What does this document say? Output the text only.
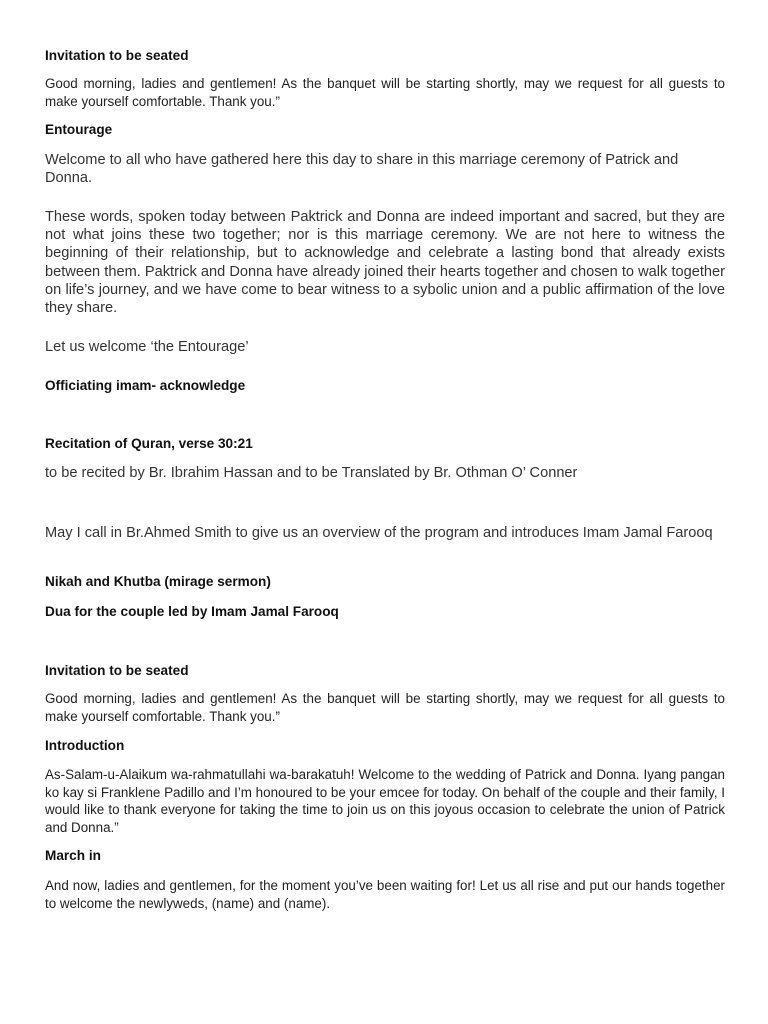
Invitation to be seated

Good morning, ladies and gentlemen! As the banquet will be starting shortly, may we request for all guests to make yourself comfortable. Thank you.”

Entourage

Welcome to all who have gathered here this day to share in this marriage ceremony of Patrick and Donna.

These words, spoken today between Paktrick and Donna are indeed important and sacred, but they are not what joins these two together; nor is this marriage ceremony. We are not here to witness the beginning of their relationship, but to acknowledge and celebrate a lasting bond that already exists between them. Paktrick and Donna have already joined their hearts together and chosen to walk together on life’s journey, and we have come to bear witness to a sybolic union and a public affirmation of the love they share.

Let us welcome ‘the Entourage’

Officiating imam- acknowledge

Recitation of Quran, verse 30:21

to be recited by Br. Ibrahim Hassan and to be Translated by Br. Othman O’ Conner

May I call in Br.Ahmed Smith to give us an overview of the program and introduces Imam Jamal Farooq

Nikah and Khutba (mirage sermon)

Dua for the couple led by Imam Jamal Farooq

Invitation to be seated

Good morning, ladies and gentlemen! As the banquet will be starting shortly, may we request for all guests to make yourself comfortable. Thank you.”

Introduction

As-Salam-u-Alaikum wa-rahmatullahi wa-barakatuh! Welcome to the wedding of Patrick and Donna. Iyang pangan ko kay si Franklene Padillo and I’m honoured to be your emcee for today. On behalf of the couple and their family, I would like to thank everyone for taking the time to join us on this joyous occasion to celebrate the union of Patrick and Donna.”

March in

And now, ladies and gentlemen, for the moment you’ve been waiting for! Let us all rise and put our hands together to welcome the newlyweds, (name) and (name).
